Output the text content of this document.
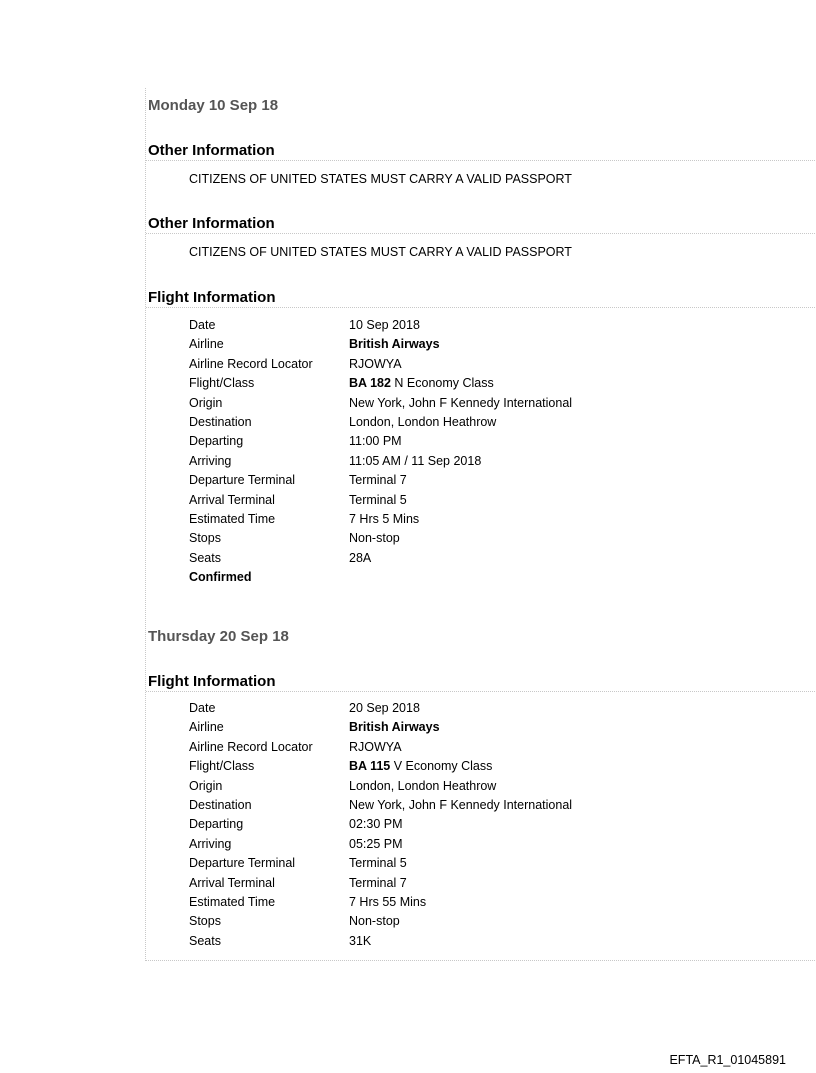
Monday 10 Sep 18
Other Information
CITIZENS OF UNITED STATES MUST CARRY A VALID PASSPORT
Other Information
CITIZENS OF UNITED STATES MUST CARRY A VALID PASSPORT
Flight Information
Date	10 Sep 2018
Airline	British Airways
Airline Record Locator	RJOWYA
Flight/Class	BA 182 N Economy Class
Origin	New York, John F Kennedy International
Destination	London, London Heathrow
Departing	11:00 PM
Arriving	11:05 AM / 11 Sep 2018
Departure Terminal	Terminal 7
Arrival Terminal	Terminal 5
Estimated Time	7 Hrs 5 Mins
Stops	Non-stop
Seats	28A
Confirmed
Thursday 20 Sep 18
Flight Information
Date	20 Sep 2018
Airline	British Airways
Airline Record Locator	RJOWYA
Flight/Class	BA 115 V Economy Class
Origin	London, London Heathrow
Destination	New York, John F Kennedy International
Departing	02:30 PM
Arriving	05:25 PM
Departure Terminal	Terminal 5
Arrival Terminal	Terminal 7
Estimated Time	7 Hrs 55 Mins
Stops	Non-stop
Seats	31K
EFTA_R1_01045891
